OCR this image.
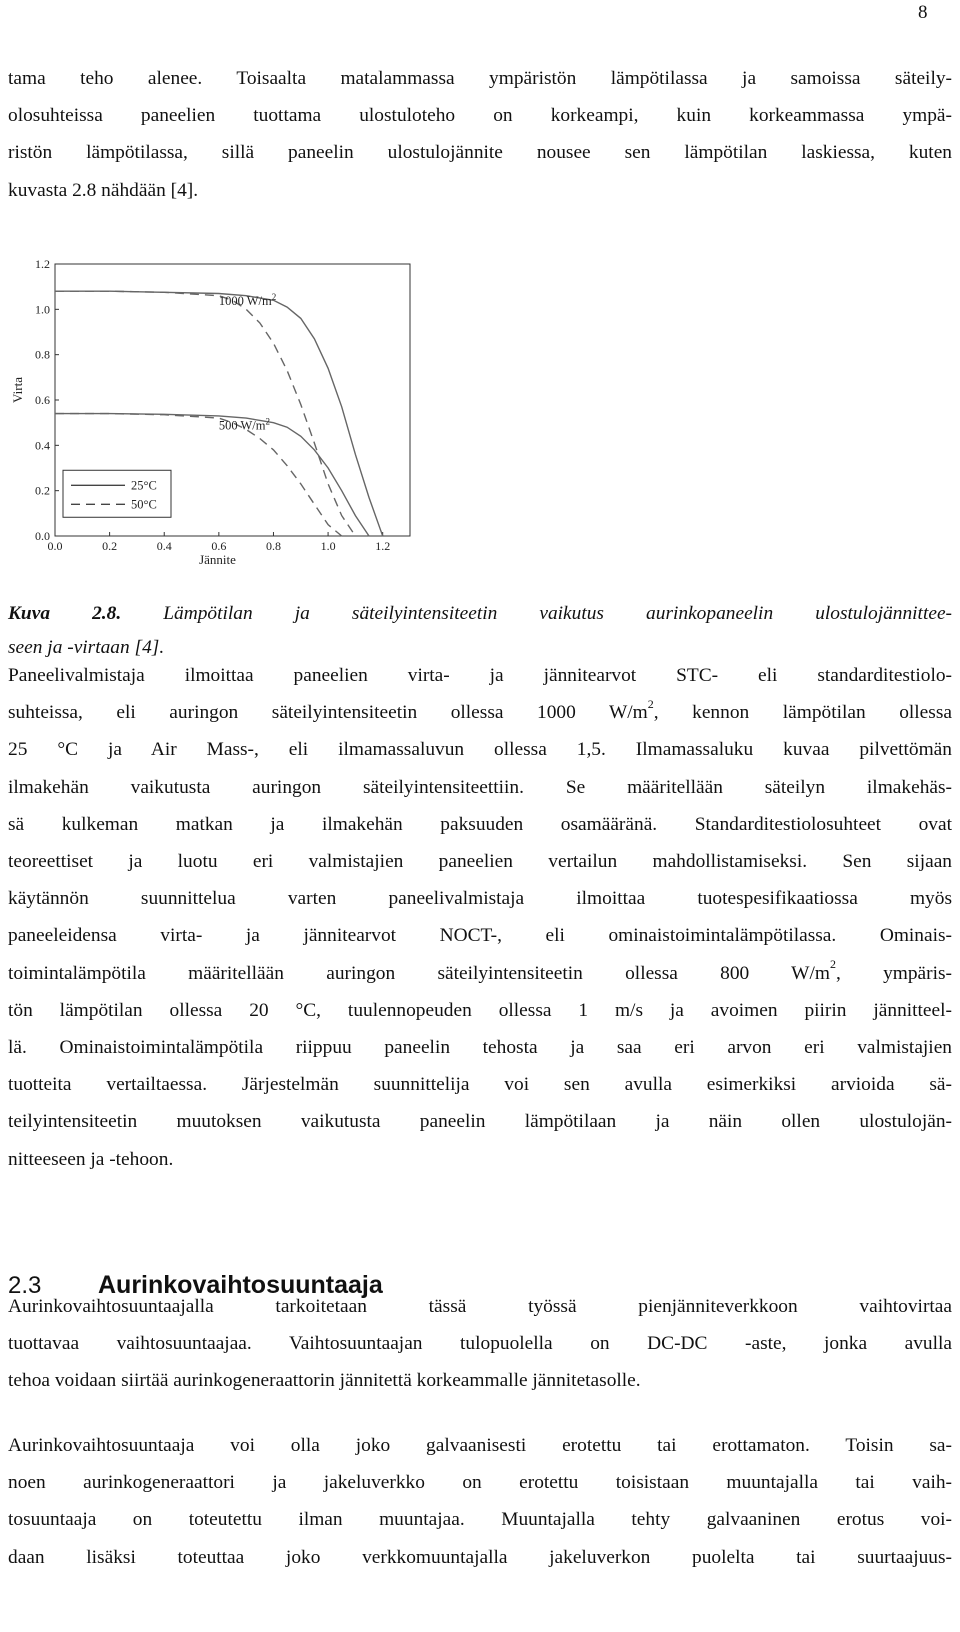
8
tama teho alenee. Toisaalta matalammassa ympäristön lämpötilassa ja samoissa säteily-
olosuhteissa paneelien tuottama ulostuloteho on korkeampi, kuin korkeammassa ympä-
ristön lämpötilassa, sillä paneelin ulostulojännite nousee sen lämpötilan laskiessa, kuten
kuvasta 2.8 nähdään [4].
0.0	0.2	0.4	0.6	0.8	1.0	1.2
0.0
0.2
0.4
0.6
0.8
1.0
1.2
Jännite
Virta
1000 $W/m^2$
500 $W/m^2$
25°C
50°C
Kuva 2.8. Lämpötilan ja säteilyintensiteetin vaikutus aurinkopaneelin ulostulojännittee-
seen ja -virtaan [4].
Paneelivalmistaja ilmoittaa paneelien virta- ja jännitearvot STC- eli standarditestiolo-
suhteissa, eli auringon säteilyintensiteetin ollessa 1000 $W/m^2$, kennon lämpötilan ollessa
25 °C ja Air Mass-, eli ilmamassaluvun ollessa 1,5. Ilmamassaluku kuvaa pilvettömän
ilmakehän vaikutusta auringon säteilyintensiteettiin. Se määritellään säteilyn ilmakehäs-
sä kulkeman matkan ja ilmakehän paksuuden osamääränä. Standarditestiolosuhteet ovat
teoreettiset ja luotu eri valmistajien paneelien vertailun mahdollistamiseksi. Sen sijaan
käytännön suunnittelua varten paneelivalmistaja ilmoittaa tuotespesifikaatiossa myös
paneeleidensa virta- ja jännitearvot NOCT-, eli ominaistoimintalämpötilassa. Ominais-
toimintalämpötila määritellään auringon säteilyintensiteetin ollessa 800 $W/m^2$, ympäris-
tön lämpötilan ollessa 20 °C, tuulennopeuden ollessa 1 m/s ja avoimen piirin jännitteel-
lä. Ominaistoimintalämpötila riippuu paneelin tehosta ja saa eri arvon eri valmistajien
tuotteita vertailtaessa. Järjestelmän suunnittelija voi sen avulla esimerkiksi arvioida sä-
teilyintensiteetin muutoksen vaikutusta paneelin lämpötilaan ja näin ollen ulostulojän-
nitteeseen ja -tehoon.
2.3 Aurinkovaihtosuuntaaja
Aurinkovaihtosuuntaajalla tarkoitetaan tässä työssä pienjänniteverkkoon vaihtovirtaa
tuottavaa vaihtosuuntaajaa. Vaihtosuuntaajan tulopuolella on DC-DC -aste, jonka avulla
tehoa voidaan siirtää aurinkogeneraattorin jännitettä korkeammalle jännitetasolle.
Aurinkovaihtosuuntaaja voi olla joko galvaanisesti erotettu tai erottamaton. Toisin sa-
noen aurinkogeneraattori ja jakeluverkko on erotettu toisistaan muuntajalla tai vaih-
tosuuntaaja on toteutettu ilman muuntajaa. Muuntajalla tehty galvaaninen erotus voi-
daan lisäksi toteuttaa joko verkkomuuntajalla jakeluverkon puolelta tai suurtaajuus-
